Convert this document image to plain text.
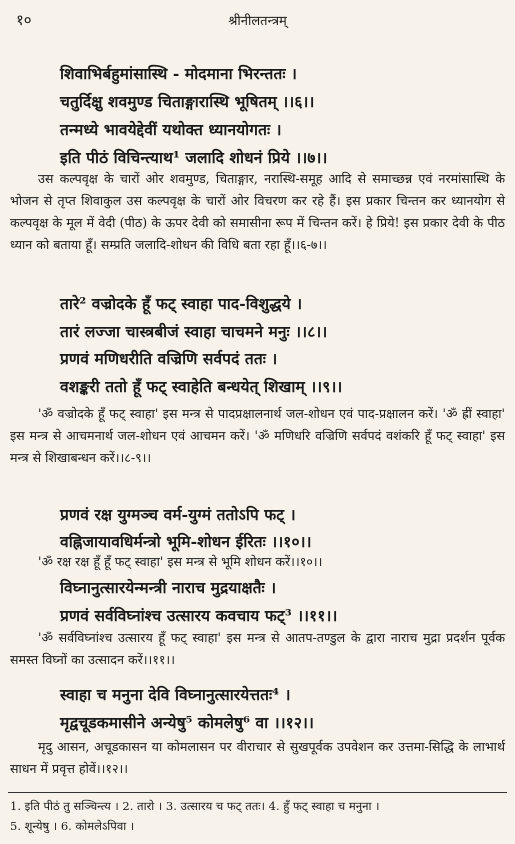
१०	श्रीनीलतन्त्रम्
शिवाभिर्बहुमांसास्थि - मोदमाना भिरन्ततः ।
चतुर्दिक्षु शवमुण्ड चिताङ्गारास्थि भूषितम् ।।६।।
तन्मध्ये भावयेद्देवीं यथोक्त ध्यानयोगतः ।
इति पीठं विचिन्त्याथ¹ जलादि शोधनं प्रिये ।।७।।

उस कल्पवृक्ष के चारों ओर शवमुण्ड, चिताङ्गार, नरास्थि-समूह आदि से समाच्छन्न एवं नरमांसास्थि के भोजन से तृप्त शिवाकुल उस कल्पवृक्ष के चारों ओर विचरण कर रहे हैं। इस प्रकार चिन्तन कर ध्यानयोग से कल्पवृक्ष के मूल में वेदी (पीठ) के ऊपर देवी को समासीना रूप में चिन्तन करें। हे प्रिये! इस प्रकार देवी के पीठ ध्यान को बताया हूँ। सम्प्रति जलादि-शोधन की विधि बता रहा हूँ।।६-७।।

तारे² वज्रोदके हूँ फट् स्वाहा पाद-विशुद्धये ।
तारं लज्जा चास्त्रबीजं स्वाहा चाचमने मनुः ।।८।।
प्रणवं मणिधरीति वज्रिणि सर्वपदं ततः ।
वशङ्करी ततो हूँ फट् स्वाहेति बन्धयेत् शिखाम् ।।९।।

'ॐ वज्रोदके हूँ फट् स्वाहा' इस मन्त्र से पादप्रक्षालनार्थ जल-शोधन एवं पाद-प्रक्षालन करें। 'ॐ ह्रीं स्वाहा' इस मन्त्र से आचमनार्थ जल-शोधन एवं आचमन करें। 'ॐ मणिधरि वज्रिणि सर्वपदं वशंकरि हूँ फट् स्वाहा' इस मन्त्र से शिखाबन्धन करें।।८-९।।

प्रणवं रक्ष युग्मञ्च वर्म-युग्मं ततोऽपि फट् ।
वह्निजायावधिर्मन्त्रो भूमि-शोधन ईरितः ।।१०।।

'ॐ रक्ष रक्ष हूँ हूँ फट् स्वाहा' इस मन्त्र से भूमि शोधन करें।।१०।।

विघ्नानुत्सारयेन्मन्त्री नाराच मुद्रयाक्षतैः ।
प्रणवं सर्वविघ्नांश्च उत्सारय कवचाय फट्³ ।।११।।

'ॐ सर्वविघ्नांश्च उत्सारय हूँ फट् स्वाहा' इस मन्त्र से आतप-तण्डुल के द्वारा नाराच मुद्रा प्रदर्शन पूर्वक समस्त विघ्नों का उत्सादन करें।।११।।

स्वाहा च मनुना देवि विघ्नानुत्सारयेत्ततः⁴ ।
मृद्वचूडकमासीने अन्येषु⁵ कोमलेषु⁶ वा ।।१२।।

मृदु आसन, अचूडकासन या कोमलासन पर वीराचार से सुखपूर्वक उपवेशन कर उत्तमा-सिद्धि के लाभार्थ साधन में प्रवृत्त होवें।।१२।।

1. इति पीठं तु सञ्चिन्त्य । 2. तारो । 3. उत्सारय च फट् ततः। 4. हुँ फट् स्वाहा च मनुना ।
5. शून्येषु । 6. कोमलेऽपिवा ।
